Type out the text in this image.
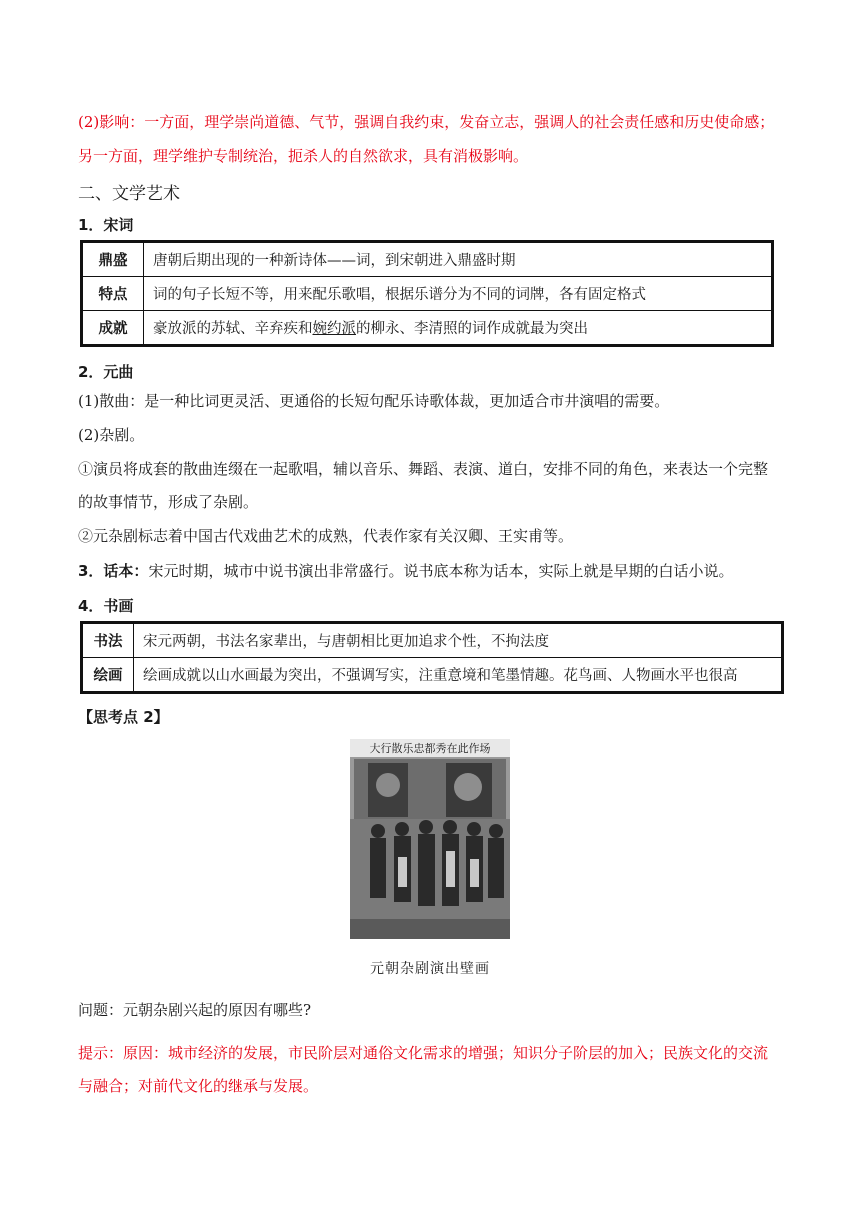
(2)影响：一方面，理学崇尚道德、气节，强调自我约束，发奋立志，强调人的社会责任感和历史使命感；
另一方面，理学维护专制统治，扼杀人的自然欲求，具有消极影响。
二、文学艺术
1．宋词
鼎盛	唐朝后期出现的一种新诗体——词，到宋朝进入鼎盛时期
特点	词的句子长短不等，用来配乐歌唱，根据乐谱分为不同的词牌，各有固定格式
成就	豪放派的苏轼、辛弃疾和婉约派的柳永、李清照的词作成就最为突出
2．元曲
(1)散曲：是一种比词更灵活、更通俗的长短句配乐诗歌体裁，更加适合市井演唱的需要。
(2)杂剧。
①演员将成套的散曲连缀在一起歌唱，辅以音乐、舞蹈、表演、道白，安排不同的角色，来表达一个完整
的故事情节，形成了杂剧。
②元杂剧标志着中国古代戏曲艺术的成熟，代表作家有关汉卿、王实甫等。
3．话本：宋元时期，城市中说书演出非常盛行。说书底本称为话本，实际上就是早期的白话小说。
4．书画
书法	宋元两朝，书法名家辈出，与唐朝相比更加追求个性，不拘法度
绘画	绘画成就以山水画最为突出，不强调写实，注重意境和笔墨情趣。花鸟画、人物画水平也很高
【思考点 2】
大行散乐忠都秀在此作场
元朝杂剧演出壁画
问题：元朝杂剧兴起的原因有哪些?
提示：原因：城市经济的发展，市民阶层对通俗文化需求的增强；知识分子阶层的加入；民族文化的交流
与融合；对前代文化的继承与发展。
